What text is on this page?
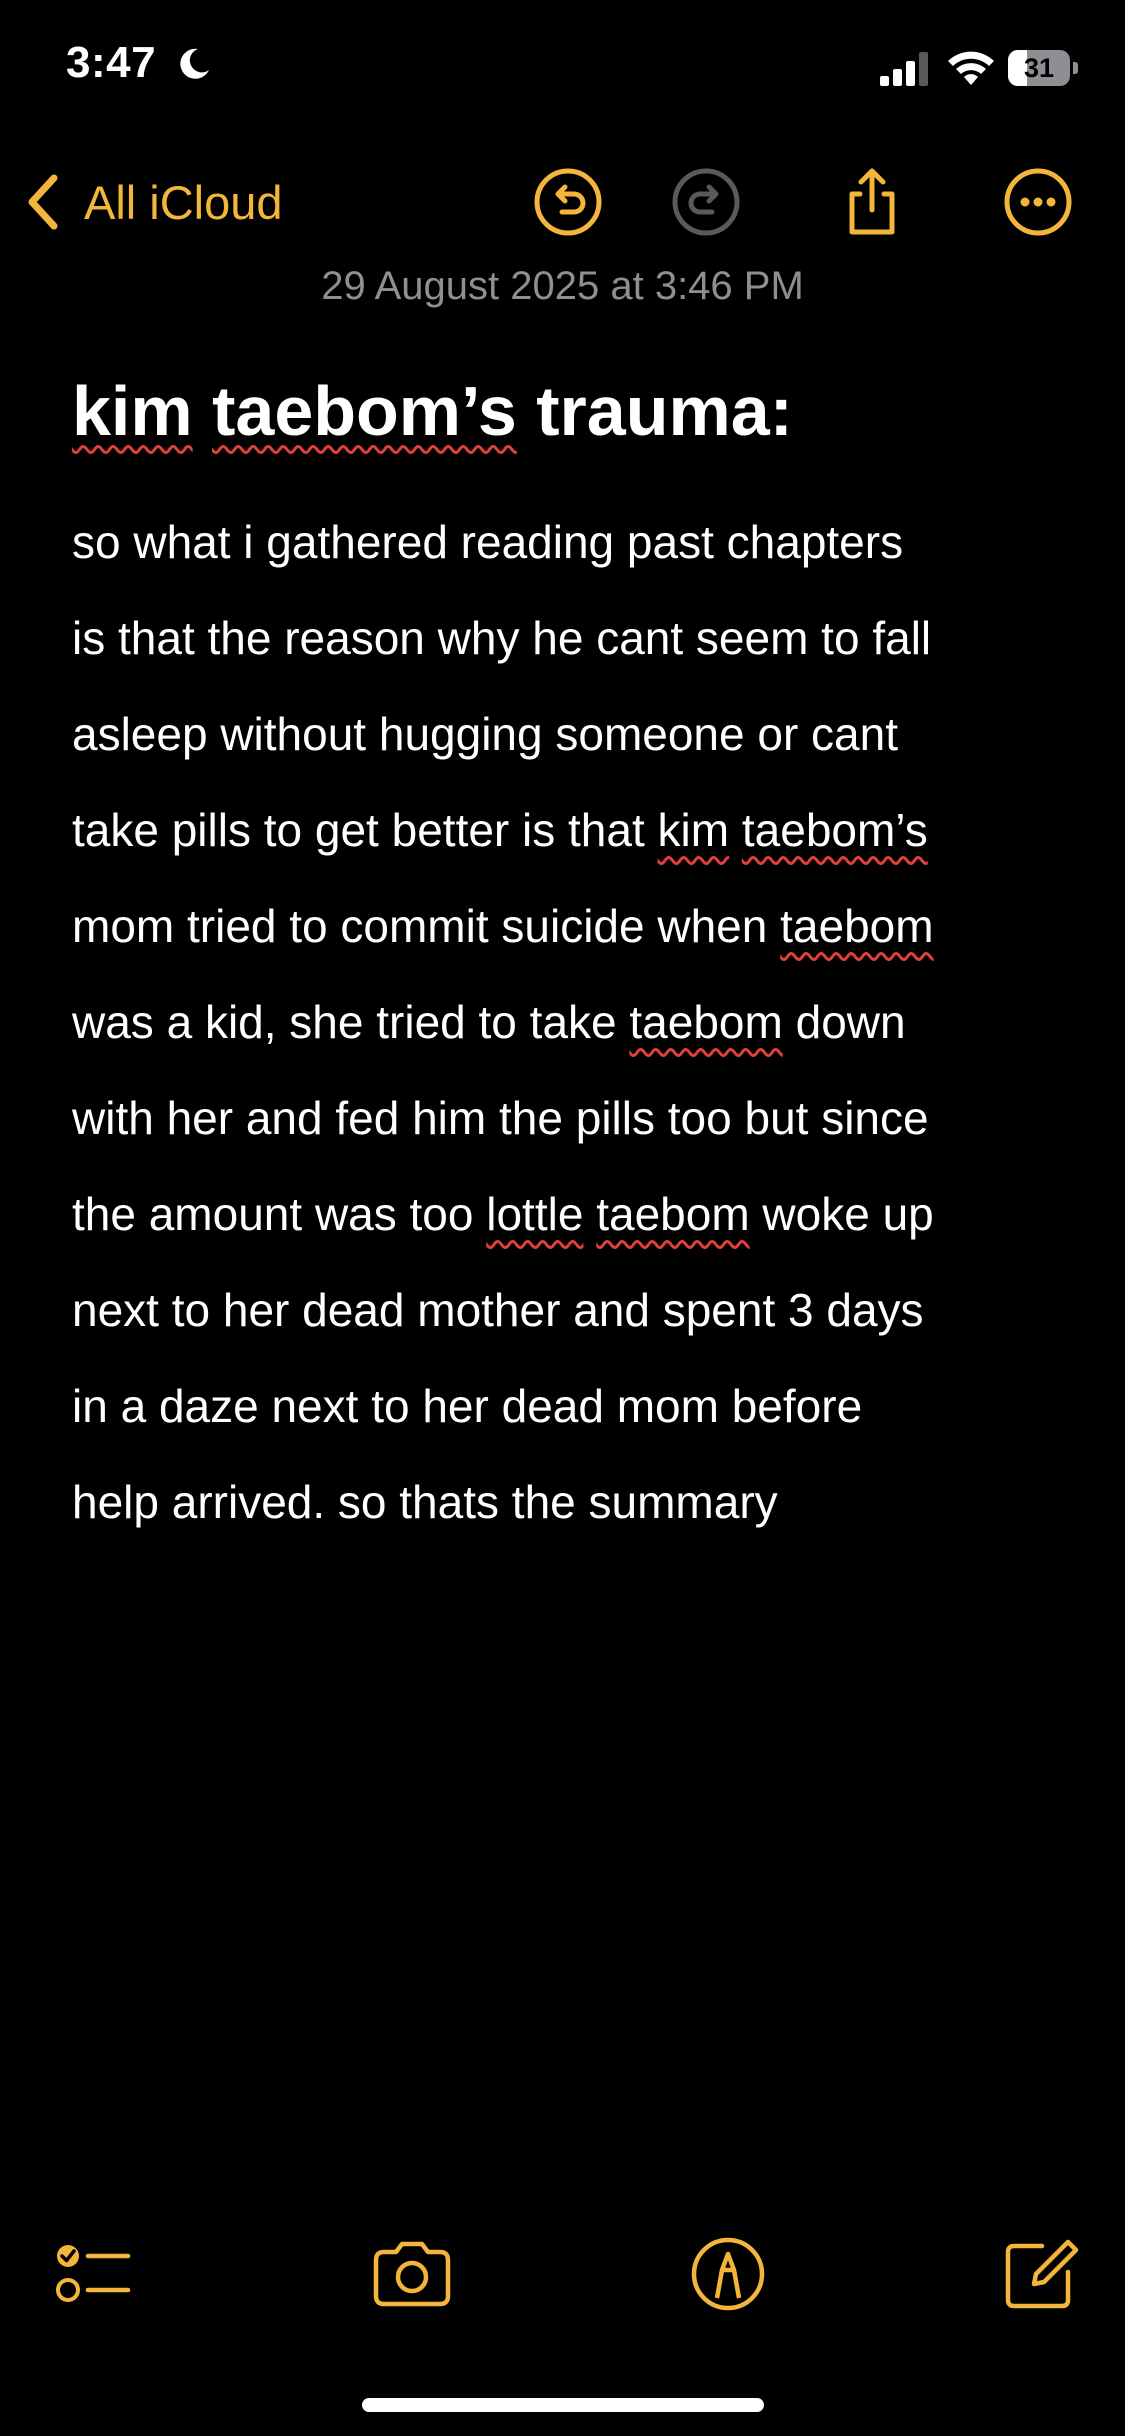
3:47	31
All iCloud
29 August 2025 at 3:46 PM
kim taebom’s trauma:
so what i gathered reading past chapters
is that the reason why he cant seem to fall
asleep without hugging someone or cant
take pills to get better is that kim taebom’s
mom tried to commit suicide when taebom
was a kid, she tried to take taebom down
with her and fed him the pills too but since
the amount was too lottle taebom woke up
next to her dead mother and spent 3 days
in a daze next to her dead mom before
help arrived. so thats the summary
